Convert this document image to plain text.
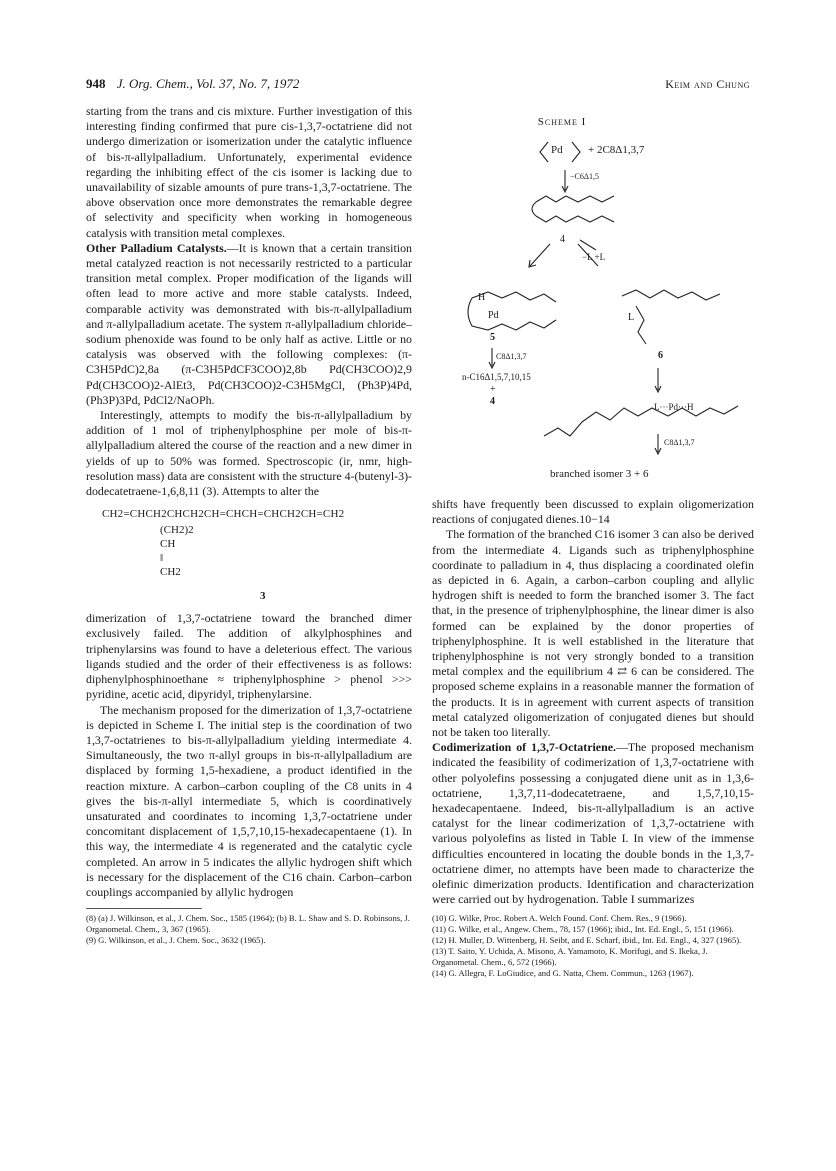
948 J. Org. Chem., Vol. 37, No. 7, 1972	Keim and Chung

starting from the trans and cis mixture. Further investigation of this interesting finding confirmed that pure cis-1,3,7-octatriene did not undergo dimerization or isomerization under the catalytic influence of bis-π-allylpalladium. Unfortunately, experimental evidence regarding the inhibiting effect of the cis isomer is lacking due to unavailability of sizable amounts of pure trans-1,3,7-octatriene. The above observation once more demonstrates the remarkable degree of selectivity and specificity when working in homogeneous catalysis with transition metal complexes.

Other Palladium Catalysts.—It is known that a certain transition metal catalyzed reaction is not necessarily restricted to a particular transition metal complex. Proper modification of the ligands will often lead to more active and more stable catalysts. Indeed, comparable activity was demonstrated with bis-π-allylpalladium and π-allylpalladium acetate. The system π-allylpalladium chloride–sodium phenoxide was found to be only half as active. Little or no catalysis was observed with the following complexes: (π-C3H5PdC)2,8a (π-C3H5PdCF3COO)2,8b Pd(CH3COO)2,9 Pd(CH3COO)2-AlEt3, Pd(CH3COO)2-C3H5MgCl, (Ph3P)4Pd, (Ph3P)3Pd, PdCl2/NaOPh.

Interestingly, attempts to modify the bis-π-allylpalladium by addition of 1 mol of triphenylphosphine per mole of bis-π-allylpalladium altered the course of the reaction and a new dimer in yields of up to 50% was formed. Spectroscopic (ir, nmr, high-resolution mass) data are consistent with the structure 4-(butenyl-3)-dodecatetraene-1,6,8,11 (3). Attempts to alter the

CH2=CHCH2CHCH2CH=CHCH=CHCH2CH=CH2
(CH2)2
CH
‖
CH2
3

dimerization of 1,3,7-octatriene toward the branched dimer exclusively failed. The addition of alkylphosphines and triphenylarsins was found to have a deleterious effect. The various ligands studied and the order of their effectiveness is as follows: diphenylphosphinoethane ≈ triphenylphosphine > phenol >>> pyridine, acetic acid, dipyridyl, triphenylarsine.

The mechanism proposed for the dimerization of 1,3,7-octatriene is depicted in Scheme I. The initial step is the coordination of two 1,3,7-octatrienes to bis-π-allylpalladium yielding intermediate 4. Simultaneously, the two π-allyl groups in bis-π-allylpalladium are displaced by forming 1,5-hexadiene, a product identified in the reaction mixture. A carbon–carbon coupling of the C8 units in 4 gives the bis-π-allyl intermediate 5, which is coordinatively unsaturated and coordinates to incoming 1,3,7-octatriene under concomitant displacement of 1,5,7,10,15-hexadecapentaene (1). In this way, the intermediate 4 is regenerated and the catalytic cycle completed. An arrow in 5 indicates the allylic hydrogen shift which is necessary for the displacement of the C16 chain. Carbon–carbon couplings accompanied by allylic hydrogen

(8) (a) J. Wilkinson, et al., J. Chem. Soc., 1585 (1964); (b) B. L. Shaw and S. D. Robinsons, J. Organometal. Chem., 3, 367 (1965).
(9) G. Wilkinson, et al., J. Chem. Soc., 3632 (1965).
Scheme I
Pd + 2C8Δ1,3,7
−C6Δ1,5
4
−L +L
H
Pd	L
5
6
C8Δ1,3,7
n-C16Δ1,5,7,10,15
+
4	L···Pd···H
C8Δ1,3,7
branched isomer 3 + 6

shifts have frequently been discussed to explain oligomerization reactions of conjugated dienes.10−14

The formation of the branched C16 isomer 3 can also be derived from the intermediate 4. Ligands such as triphenylphosphine coordinate to palladium in 4, thus displacing a coordinated olefin as depicted in 6. Again, a carbon–carbon coupling and allylic hydrogen shift is needed to form the branched isomer 3. The fact that, in the presence of triphenylphosphine, the linear dimer is also formed can be explained by the donor properties of triphenylphosphine. It is well established in the literature that triphenylphosphine is not very strongly bonded to a transition metal complex and the equilibrium 4 ⇄ 6 can be considered. The proposed scheme explains in a reasonable manner the formation of the products. It is in agreement with current aspects of transition metal catalyzed oligomerization of conjugated dienes but should not be taken too literally.

Codimerization of 1,3,7-Octatriene.—The proposed mechanism indicated the feasibility of codimerization of 1,3,7-octatriene with other polyolefins possessing a conjugated diene unit as in 1,3,6-octatriene, 1,3,7,11-dodecatetraene, and 1,5,7,10,15-hexadecapentaene. Indeed, bis-π-allylpalladium is an active catalyst for the linear codimerization of 1,3,7-octatriene with various polyolefins as listed in Table I. In view of the immense difficulties encountered in locating the double bonds in the 1,3,7-octatriene dimer, no attempts have been made to characterize the olefinic dimerization products. Identification and characterization were carried out by hydrogenation. Table I summarizes

(10) G. Wilke, Proc. Robert A. Welch Found. Conf. Chem. Res., 9 (1966).
(11) G. Wilke, et al., Angew. Chem., 78, 157 (1966); ibid., Int. Ed. Engl., 5, 151 (1966).
(12) H. Muller, D. Wittenberg, H. Seibt, and E. Scharf, ibid., Int. Ed. Engl., 4, 327 (1965).
(13) T. Saito, Y. Uchida, A. Misono, A. Yamamoto, K. Morifugi, and S. Ikeka, J. Organometal. Chem., 6, 572 (1966).
(14) G. Allegra, F. LoGiudice, and G. Natta, Chem. Commun., 1263 (1967).
